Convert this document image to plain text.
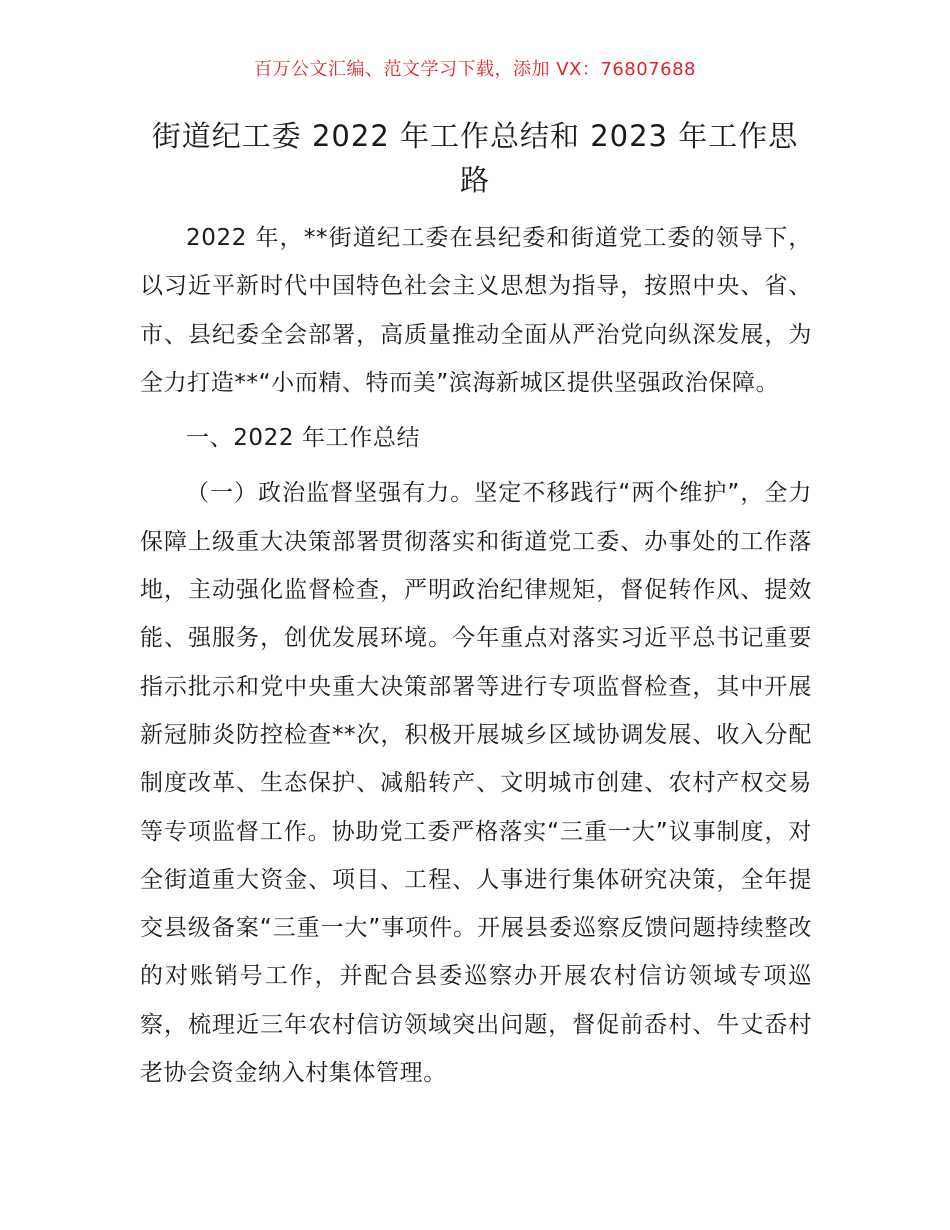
百万公文汇编、范文学习下载，添加 VX：76807688
街道纪工委 2022 年工作总结和 2023 年工作思路

2022 年，**街道纪工委在县纪委和街道党工委的领导下，以习近平新时代中国特色社会主义思想为指导，按照中央、省、市、县纪委全会部署，高质量推动全面从严治党向纵深发展，为全力打造**“小而精、特而美”滨海新城区提供坚强政治保障。

一、2022 年工作总结

（一）政治监督坚强有力。坚定不移践行“两个维护”，全力保障上级重大决策部署贯彻落实和街道党工委、办事处的工作落地，主动强化监督检查，严明政治纪律规矩，督促转作风、提效能、强服务，创优发展环境。今年重点对落实习近平总书记重要指示批示和党中央重大决策部署等进行专项监督检查，其中开展新冠肺炎防控检查**次，积极开展城乡区域协调发展、收入分配制度改革、生态保护、减船转产、文明城市创建、农村产权交易等专项监督工作。协助党工委严格落实“三重一大”议事制度，对全街道重大资金、项目、工程、人事进行集体研究决策，全年提交县级备案“三重一大”事项件。开展县委巡察反馈问题持续整改的对账销号工作，并配合县委巡察办开展农村信访领域专项巡察，梳理近三年农村信访领域突出问题，督促前岙村、牛丈岙村老协会资金纳入村集体管理。
